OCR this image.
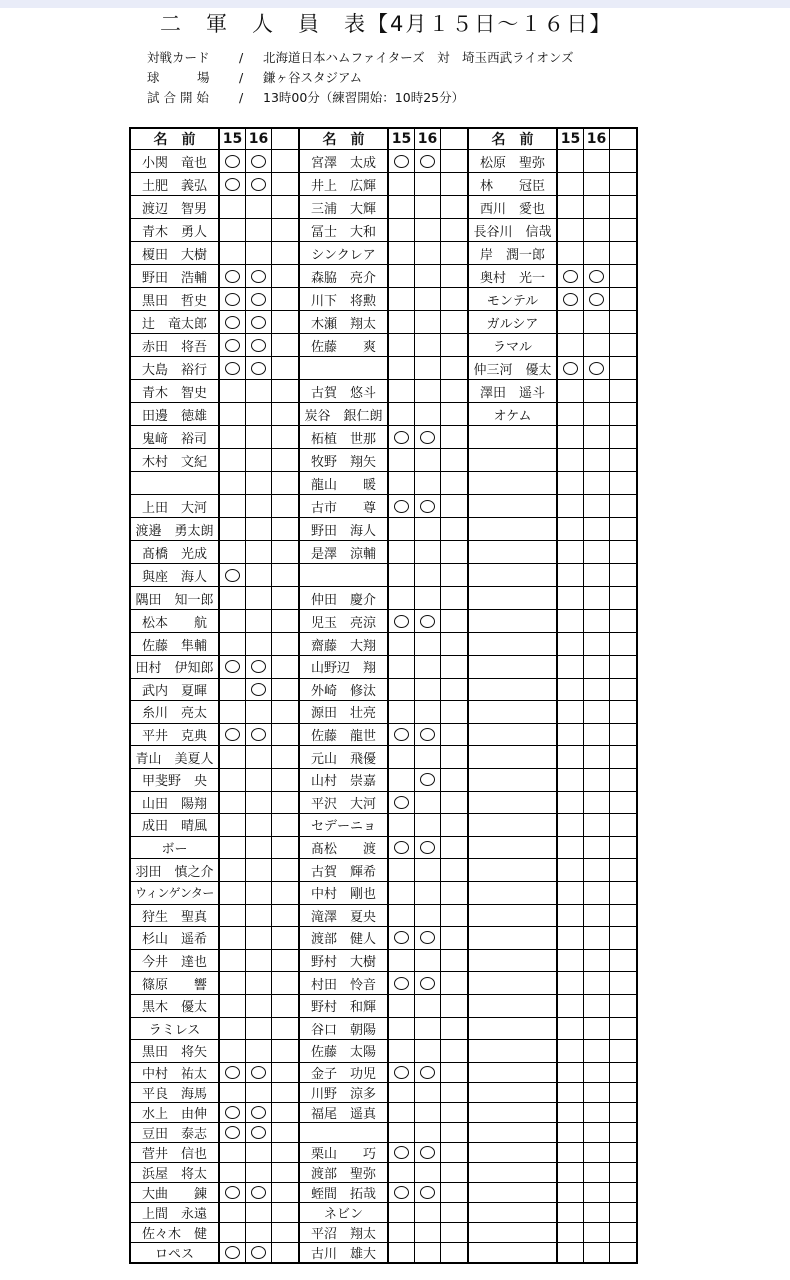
二　軍　人　員　表【4月１５日～１６日】
対戦カード / 北海道日本ハムファイターズ　対　埼玉西武ライオンズ
球　　　場 / 鎌ヶ谷スタジアム
試 合 開 始 / 13時00分（練習開始：10時25分）
名　前	15	16		名　前	15	16		名　前	15	16	
小関　竜也				宮澤　太成				松原　聖弥			
土肥　義弘				井上　広輝				林　　冠臣			
渡辺　智男				三浦　大輝				西川　愛也			
青木　勇人				冨士　大和				長谷川　信哉			
榎田　大樹				シンクレア				岸　潤一郎			
野田　浩輔				森脇　亮介				奥村　光一			
黒田　哲史				川下　将勲				モンテル			
辻　竜太郎				木瀬　翔太				ガルシア			
赤田　将吾				佐藤　　爽				ラマル			
大島　裕行								仲三河　優太			
青木　智史				古賀　悠斗				澤田　遥斗			
田邊　徳雄				炭谷　銀仁朗				オケム			
鬼﨑　裕司				柘植　世那							
木村　文紀				牧野　翔矢							
				龍山　　暖							
上田　大河				古市　　尊							
渡邉　勇太朗				野田　海人							
髙橋　光成				是澤　涼輔							
與座　海人											
隅田　知一郎				仲田　慶介							
松本　　航				児玉　亮涼							
佐藤　隼輔				齋藤　大翔							
田村　伊知郎				山野辺　翔							
武内　夏暉				外崎　修汰							
糸川　亮太				源田　壮亮							
平井　克典				佐藤　龍世							
青山　美夏人				元山　飛優							
甲斐野　央				山村　崇嘉							
山田　陽翔				平沢　大河							
成田　晴風				セデーニョ							
ボー				髙松　　渡							
羽田　慎之介				古賀　輝希							
ウィンゲンター				中村　剛也							
狩生　聖真				滝澤　夏央							
杉山　遥希				渡部　健人							
今井　達也				野村　大樹							
篠原　　響				村田　怜音							
黒木　優太				野村　和輝							
ラミレス				谷口　朝陽							
黒田　将矢				佐藤　太陽							
中村　祐太				金子　功児							
平良　海馬				川野　涼多							
水上　由伸				福尾　遥真							
豆田　泰志											
菅井　信也				栗山　　巧							
浜屋　将太				渡部　聖弥							
大曲　　錬				蛭間　拓哉							
上間　永遠				ネビン							
佐々木　健				平沼　翔太							
ロペス				古川　雄大							
